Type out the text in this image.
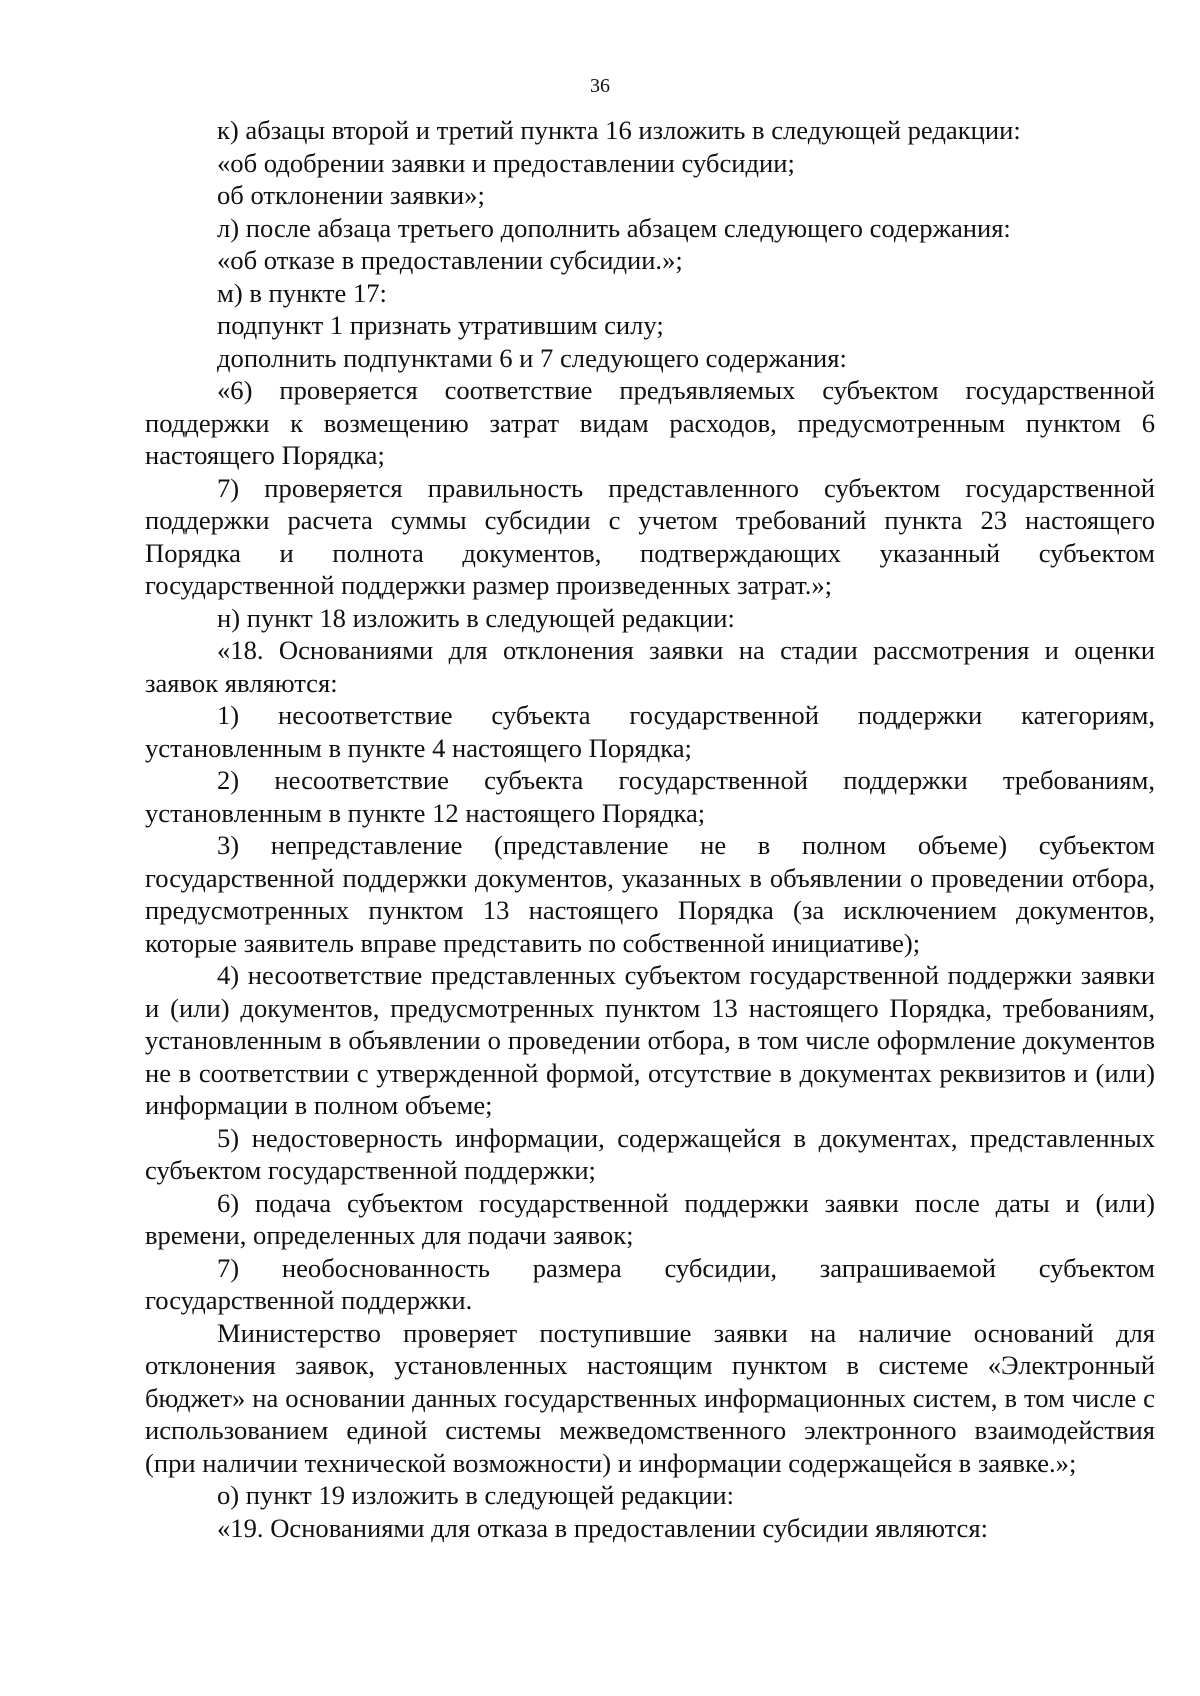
36

к) абзацы второй и третий пункта 16 изложить в следующей редакции:

«об одобрении заявки и предоставлении субсидии;

об отклонении заявки»;

л) после абзаца третьего дополнить абзацем следующего содержания:

«об отказе в предоставлении субсидии.»;

м) в пункте 17:

подпункт 1 признать утратившим силу;

дополнить подпунктами 6 и 7 следующего содержания:

«6) проверяется соответствие предъявляемых субъектом государственной поддержки к возмещению затрат видам расходов, предусмотренным пунктом 6 настоящего Порядка;

7) проверяется правильность представленного субъектом государственной поддержки расчета суммы субсидии с учетом требований пункта 23 настоящего Порядка и полнота документов, подтверждающих указанный субъектом государственной поддержки размер произведенных затрат.»;

н) пункт 18 изложить в следующей редакции:

«18. Основаниями для отклонения заявки на стадии рассмотрения и оценки заявок являются:

1) несоответствие субъекта государственной поддержки категориям, установленным в пункте 4 настоящего Порядка;

2) несоответствие субъекта государственной поддержки требованиям, установленным в пункте 12 настоящего Порядка;

3) непредставление (представление не в полном объеме) субъектом государственной поддержки документов, указанных в объявлении о проведении отбора, предусмотренных пунктом 13 настоящего Порядка (за исключением документов, которые заявитель вправе представить по собственной инициативе);

4) несоответствие представленных субъектом государственной поддержки заявки и (или) документов, предусмотренных пунктом 13 настоящего Порядка, требованиям, установленным в объявлении о проведении отбора, в том числе оформление документов не в соответствии с утвержденной формой, отсутствие в документах реквизитов и (или) информации в полном объеме;

5) недостоверность информации, содержащейся в документах, представленных субъектом государственной поддержки;

6) подача субъектом государственной поддержки заявки после даты и (или) времени, определенных для подачи заявок;

7) необоснованность размера субсидии, запрашиваемой субъектом государственной поддержки.

Министерство проверяет поступившие заявки на наличие оснований для отклонения заявок, установленных настоящим пунктом в системе «Электронный бюджет» на основании данных государственных информационных систем, в том числе с использованием единой системы межведомственного электронного взаимодействия (при наличии технической возможности) и информации содержащейся в заявке.»;

о) пункт 19 изложить в следующей редакции:

«19. Основаниями для отказа в предоставлении субсидии являются:
